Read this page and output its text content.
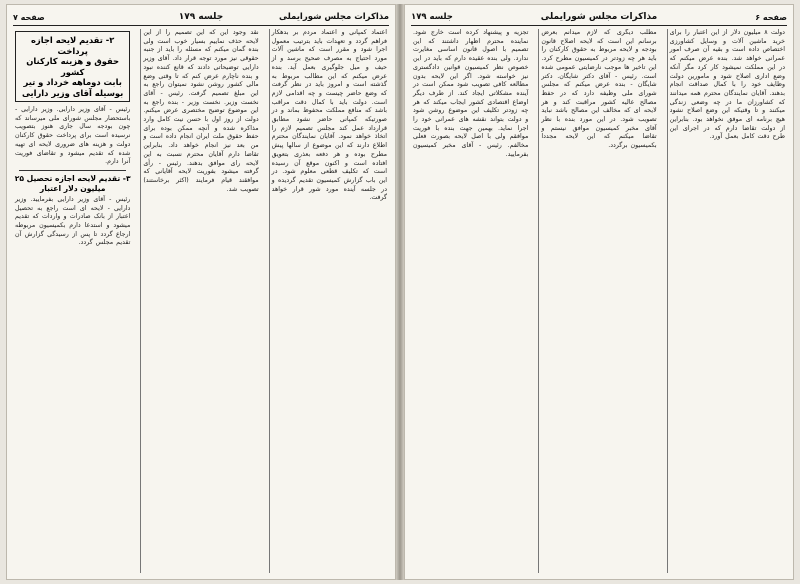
مذاکرات مجلس شورایملی
جلسه ۱۷۹
صفحه ۷
اعتماد کمپانی و اعتماد مردم بر بدهکار فراهم گردد و تعهدات باید بترتیب معمول اجرا شود و مقرر است که ماشین آلات مورد احتیاج به مصرف صحیح برسد و از حیف و میل جلوگیری بعمل آید. بنده عرض میکنم که این مطالب مربوط به گذشته است و امروز باید در نظر گرفت که وضع حاضر چیست و چه اقدامی لازم است. دولت باید با کمال دقت مراقب باشد که منافع مملکت محفوظ بماند و در صورتیکه کمپانی حاضر نشود مطابق قرارداد عمل کند مجلس تصمیم لازم را اتخاذ خواهد نمود. آقایان نمایندگان محترم اطلاع دارند که این موضوع از سالها پیش مطرح بوده و هر دفعه بعذری بتعویق افتاده است و اکنون موقع آن رسیده است که تکلیف قطعی معلوم شود. در این باب گزارش کمیسیون تقدیم گردیده و در جلسه آینده مورد شور قرار خواهد گرفت.
نقد وجود این که این تصمیم را از این لایحه حذف نماییم بسیار خوب است ولی بنده گمان میکنم که مسئله را باید از جنبه حقوقی نیز مورد توجه قرار داد. آقای وزیر دارایی توضیحاتی دادند که قانع کننده نبود و بنده ناچارم عرض کنم که تا وقتی وضع مالی کشور روشن نشود نمیتوان راجع به این مبلغ تصمیم گرفت. رئیس - آقای نخست وزیر. نخست وزیر - بنده راجع به این موضوع توضیح مختصری عرض میکنم. دولت از روز اول با حسن نیت کامل وارد مذاکره شده و آنچه ممکن بوده برای حفظ حقوق ملت ایران انجام داده است و من بعد نیز انجام خواهد داد. بنابراین تقاضا دارم آقایان محترم نسبت به این لایحه رای موافق بدهند. رئیس - رأی گرفته میشود بفوریت لایحه آقایانی که موافقند قیام فرمایند (اکثر برخاستند) تصویب شد.
۲- تقدیم لایحه اجازه پرداخت
حقوق و هزینه کارکنان کشور
بابت دوماهه خرداد و تیر
بوسیله آقای وزیر دارایی
رئیس - آقای وزیر دارایی. وزیر دارایی - باستحضار مجلس شورای ملی میرساند که چون بودجه سال جاری هنوز بتصویب نرسیده است برای پرداخت حقوق کارکنان دولت و هزینه های ضروری لایحه ای تهیه شده که تقدیم میشود و تقاضای فوریت آنرا دارم.
۳- تقدیم لایحه اجازه تحصیل ۲۵ میلیون دلار اعتبار
رئیس - آقای وزیر دارایی بفرمایید. وزیر دارایی - لایحه ای است راجع به تحصیل اعتبار از بانک صادرات و واردات که تقدیم میشود و استدعا دارم بکمیسیون مربوطه ارجاع گردد تا پس از رسیدگی گزارش آن تقدیم مجلس گردد.
صفحه ۶
مذاکرات مجلس شورایملی
جلسه ۱۷۹
دولت ۸ میلیون دلار از این اعتبار را برای خرید ماشین آلات و وسایل کشاورزی اختصاص داده است و بقیه آن صرف امور عمرانی خواهد شد. بنده عرض میکنم که در این مملکت نمیشود کار کرد مگر آنکه وضع اداری اصلاح شود و مامورین دولت وظایف خود را با کمال صداقت انجام بدهند. آقایان نمایندگان محترم همه میدانند که کشاورزان ما در چه وضعی زندگی میکنند و تا وقتیکه این وضع اصلاح نشود هیچ برنامه ای موفق نخواهد بود. بنابراین از دولت تقاضا دارم که در اجرای این طرح دقت کامل بعمل آورد.
مطلب دیگری که لازم میدانم بعرض برسانم این است که لایحه اصلاح قانون بودجه و لایحه مربوط به حقوق کارکنان را باید هر چه زودتر در کمیسیون مطرح کرد. این تاخیر ها موجب نارضایتی عمومی شده است. رئیس - آقای دکتر شایگان. دکتر شایگان - بنده عرض میکنم که مجلس شورای ملی وظیفه دارد که در حفظ مصالح عالیه کشور مراقبت کند و هر لایحه ای که مخالف این مصالح باشد نباید تصویب شود. در این مورد بنده با نظر آقای مخبر کمیسیون موافق نیستم و تقاضا میکنم که این لایحه مجددا بکمیسیون برگردد.
تجزیه و پیشنهاد کرده است خارج شود. نماینده محترم اظهار داشتند که این تصمیم با اصول قانون اساسی مغایرت ندارد. ولی بنده عقیده دارم که باید در این خصوص نظر کمیسیون قوانین دادگستری نیز خواسته شود. اگر این لایحه بدون مطالعه کافی تصویب شود ممکن است در آینده مشکلاتی ایجاد کند. از طرف دیگر اوضاع اقتصادی کشور ایجاب میکند که هر چه زودتر تکلیف این موضوع روشن شود و دولت بتواند نقشه های عمرانی خود را اجرا نماید. بهمین جهت بنده با فوریت موافقم ولی با اصل لایحه بصورت فعلی مخالفم. رئیس - آقای مخبر کمیسیون بفرمایید.
